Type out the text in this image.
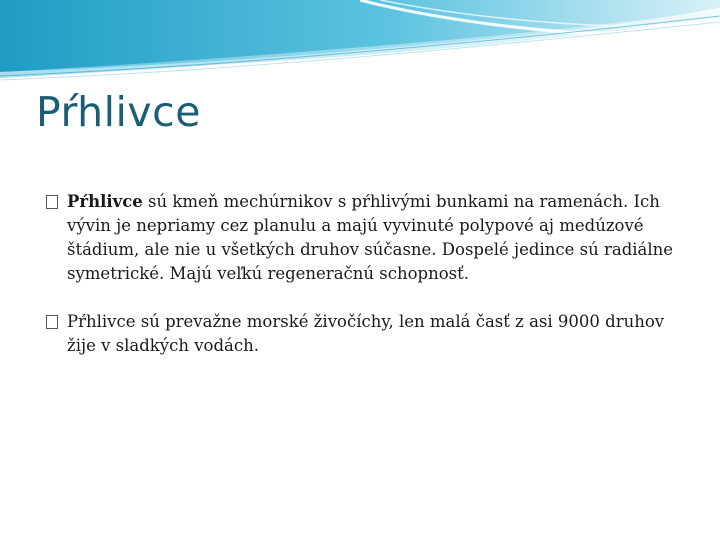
Pŕhlivce
Pŕhlivce sú kmeň mechúrnikov s pŕhlivými bunkami na ramenách. Ich vývin je nepriamy cez planulu a majú vyvinuté polypové aj medúzové štádium, ale nie u všetkých druhov súčasne. Dospelé jedince sú radiálne symetrické. Majú veľkú regeneračnú schopnosť.
Pŕhlivce sú prevažne morské živočíchy, len malá časť z asi 9000 druhov žije v sladkých vodách.
